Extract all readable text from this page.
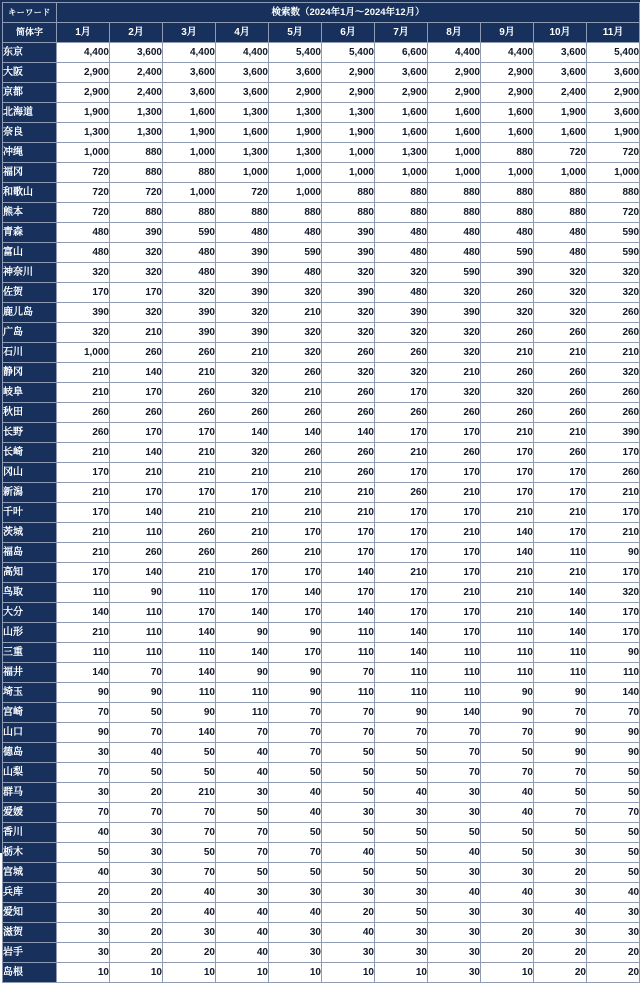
キーワード	検索数（2024年1月〜2024年12月）										
简体字	1月	2月	3月	4月	5月	6月	7月	8月	9月	10月	11月
东京	4,400	3,600	4,400	4,400	5,400	5,400	6,600	4,400	4,400	3,600	5,400
大阪	2,900	2,400	3,600	3,600	3,600	2,900	3,600	2,900	2,900	3,600	3,600
京都	2,900	2,400	3,600	3,600	2,900	2,900	2,900	2,900	2,900	2,400	2,900
北海道	1,900	1,300	1,600	1,300	1,300	1,300	1,600	1,600	1,600	1,900	3,600
奈良	1,300	1,300	1,900	1,600	1,900	1,900	1,600	1,600	1,600	1,600	1,900
冲绳	1,000	880	1,000	1,300	1,300	1,000	1,300	1,000	880	720	720
福冈	720	880	880	1,000	1,000	1,000	1,000	1,000	1,000	1,000	1,000
和歌山	720	720	1,000	720	1,000	880	880	880	880	880	880
熊本	720	880	880	880	880	880	880	880	880	880	720
青森	480	390	590	480	480	390	480	480	480	480	590
富山	480	320	480	390	590	390	480	480	590	480	590
神奈川	320	320	480	390	480	320	320	590	390	320	320
佐贺	170	170	320	390	320	390	480	320	260	320	320
鹿儿岛	390	320	390	320	210	320	390	390	320	320	260
广岛	320	210	390	390	320	320	320	320	260	260	260
石川	1,000	260	260	210	320	260	260	320	210	210	210
静冈	210	140	210	320	260	320	320	210	260	260	320
岐阜	210	170	260	320	210	260	170	320	320	260	260
秋田	260	260	260	260	260	260	260	260	260	260	260
长野	260	170	170	140	140	140	170	170	210	210	390
长崎	210	140	210	320	260	260	210	260	170	260	170
冈山	170	210	210	210	210	260	170	170	170	170	260
新潟	210	170	170	170	210	210	260	210	170	170	210
千叶	170	140	210	210	210	210	170	170	210	210	170
茨城	210	110	260	210	170	170	170	210	140	170	210
福岛	210	260	260	260	210	170	170	170	140	110	90
高知	170	140	210	170	170	140	210	170	210	210	170
鸟取	110	90	110	170	140	170	170	210	210	140	320
大分	140	110	170	140	170	140	170	170	210	140	170
山形	210	110	140	90	90	110	140	170	110	140	170
三重	110	110	110	140	170	110	140	110	110	110	90
福井	140	70	140	90	90	70	110	110	110	110	110
埼玉	90	90	110	110	90	110	110	110	90	90	140
宫崎	70	50	90	110	70	70	90	140	90	70	70
山口	90	70	140	70	70	70	70	70	70	90	90
德岛	30	40	50	40	70	50	50	70	50	90	90
山梨	70	50	50	40	50	50	50	70	70	70	50
群马	30	20	210	30	40	50	40	30	40	50	50
爱媛	70	70	70	50	40	30	30	30	40	70	70
香川	40	30	70	70	50	50	50	50	50	50	50
栃木	50	30	50	70	70	40	50	40	50	30	50
宫城	40	30	70	50	50	50	50	30	30	20	50
兵库	20	20	40	30	30	30	30	40	40	30	40
爱知	30	20	40	40	40	20	50	30	30	40	30
滋贺	30	20	30	40	30	40	30	30	20	30	30
岩手	30	20	20	40	30	30	30	30	20	20	20
岛根	10	10	10	10	10	10	10	30	10	20	20
